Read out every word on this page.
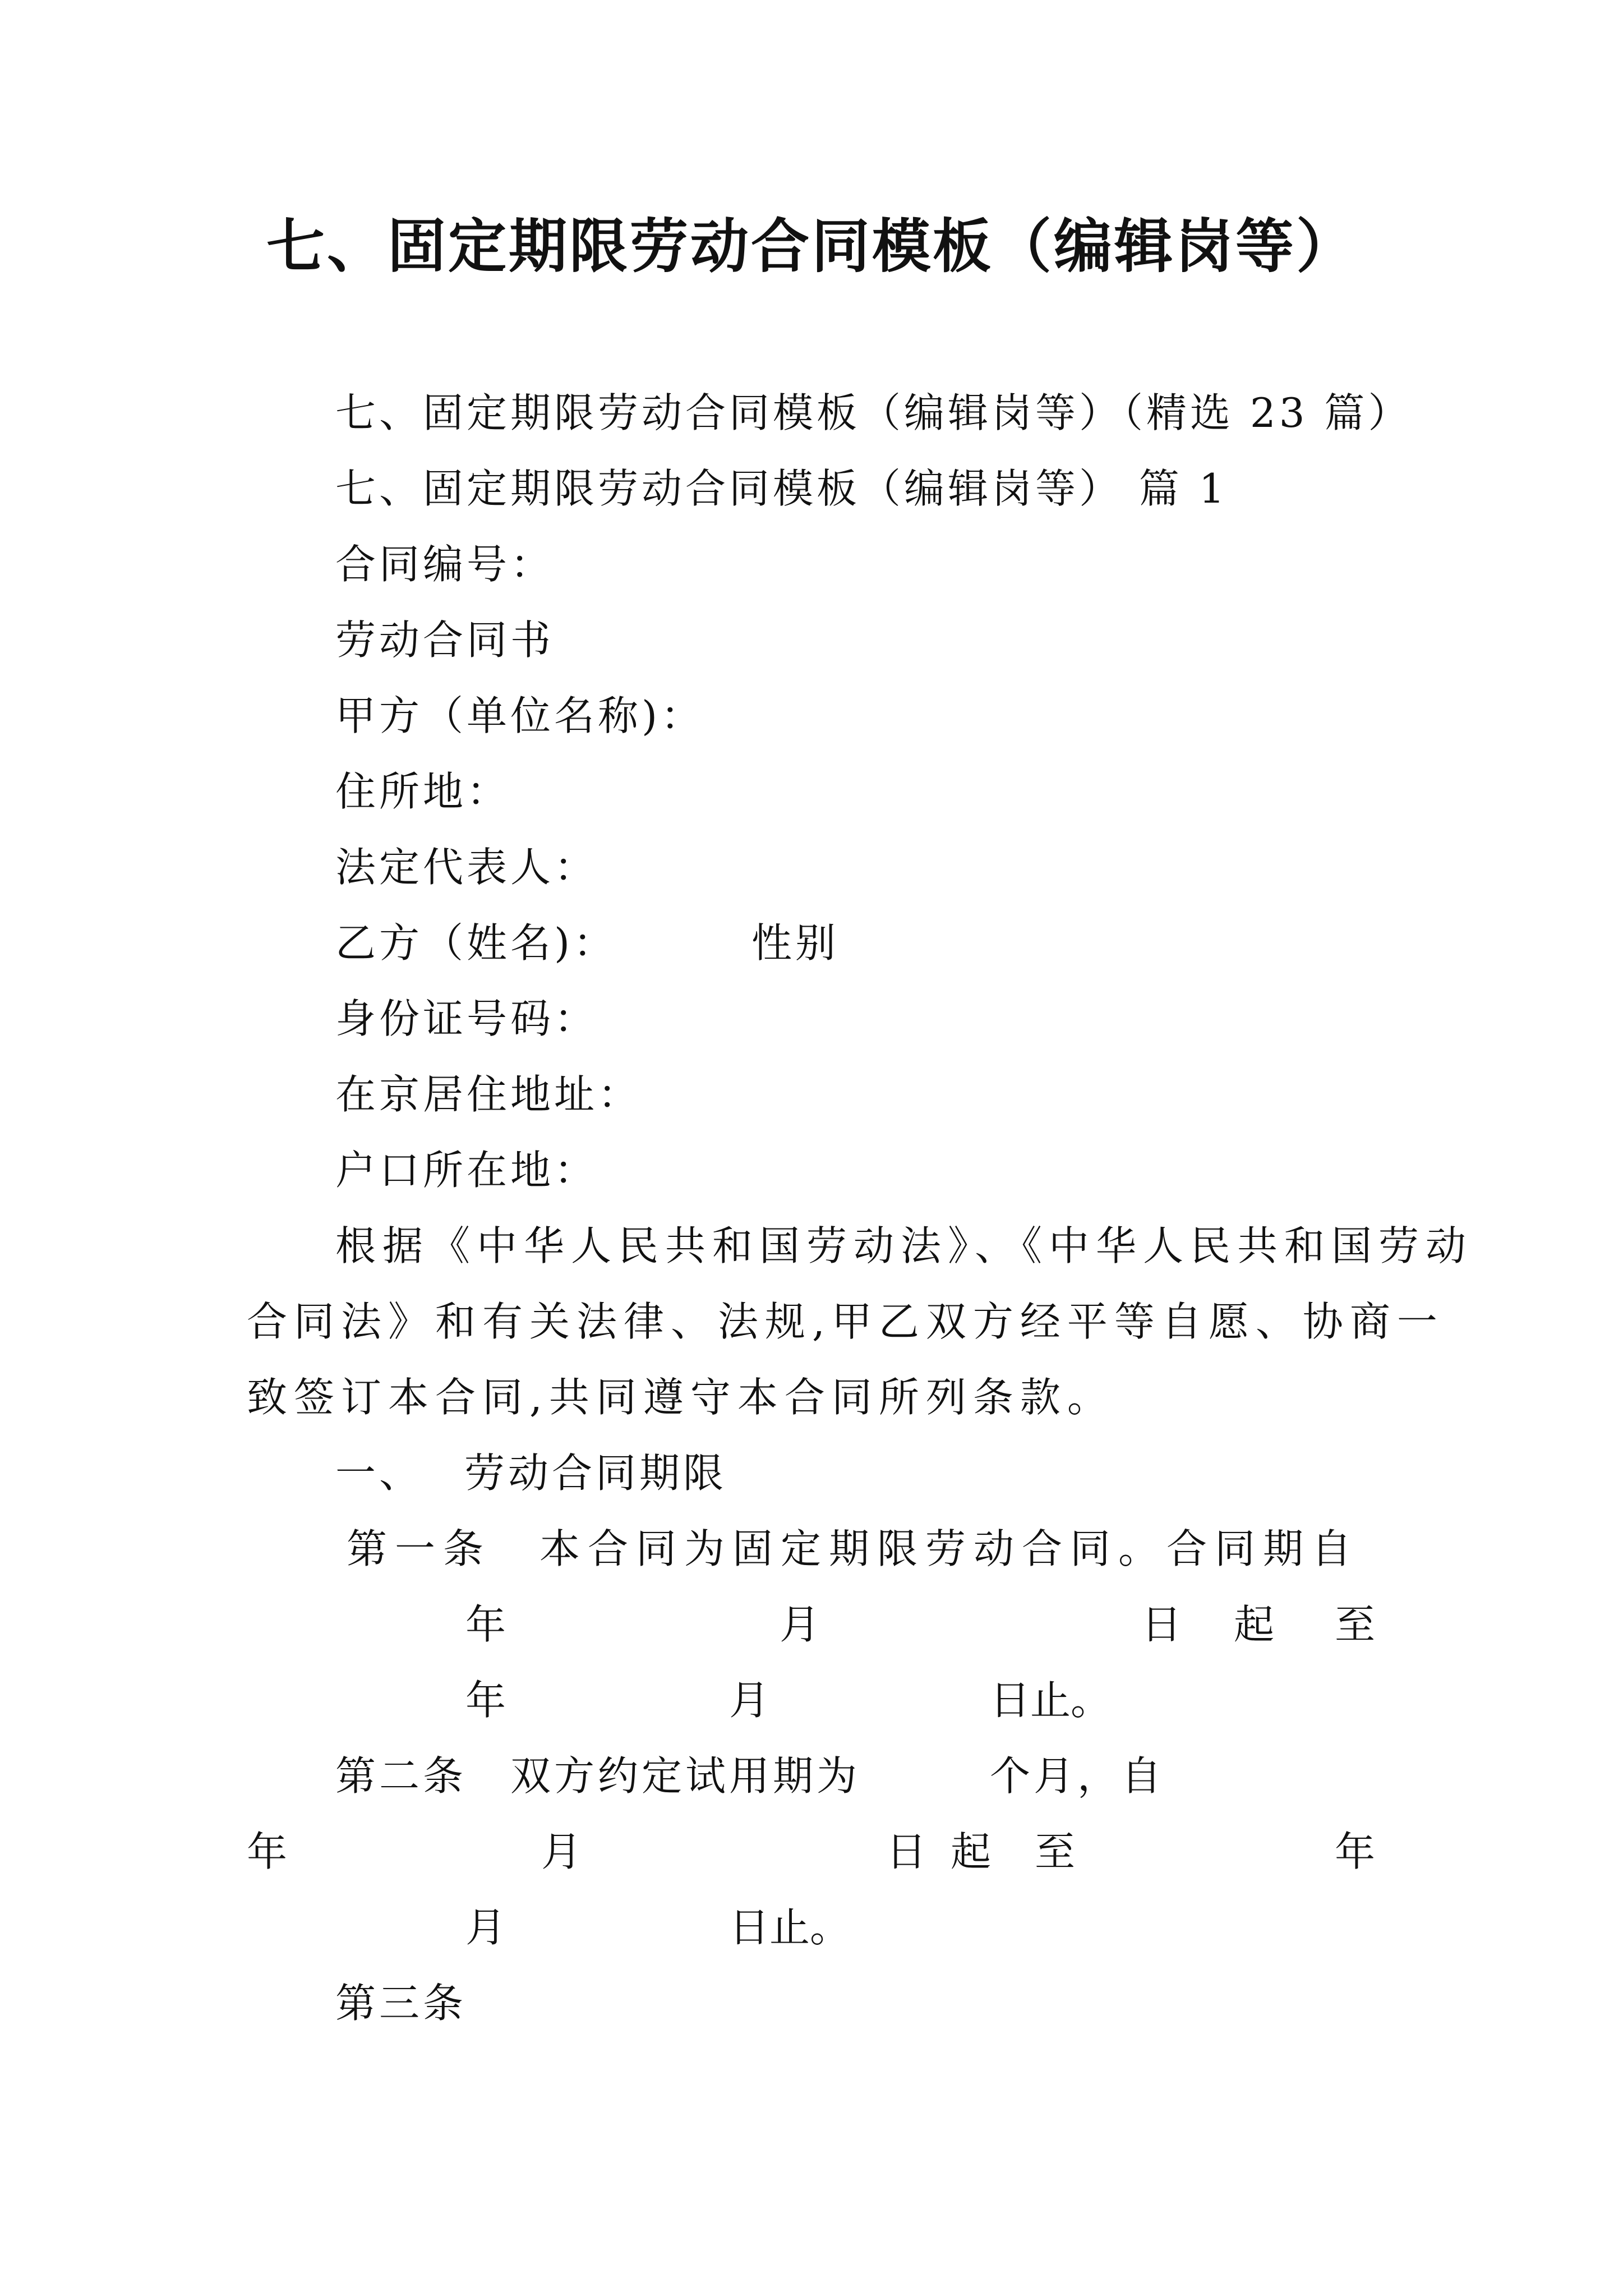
七、固定期限劳动合同模板（编辑岗等）
七、固定期限劳动合同模板（编辑岗等）（精选 23 篇）
七、固定期限劳动合同模板（编辑岗等） 篇 1
合同编号：
劳动合同书
甲方（单位名称)：
住所地：
法定代表人：
乙方（姓名)：	性别
身份证号码：
在京居住地址：
户口所在地：
根据《中华人民共和国劳动法》、《中华人民共和国劳动
合同法》和有关法律、法规,甲乙双方经平等自愿、协商一
致签订本合同,共同遵守本合同所列条款。
一、 劳动合同期限
第一条　本合同为固定期限劳动合同。合同期自
年	月	日 起 至
年	月	日止。
第二条　双方约定试用期为	个月，自
年	月	日 起 至	年
月	日止。
第三条
